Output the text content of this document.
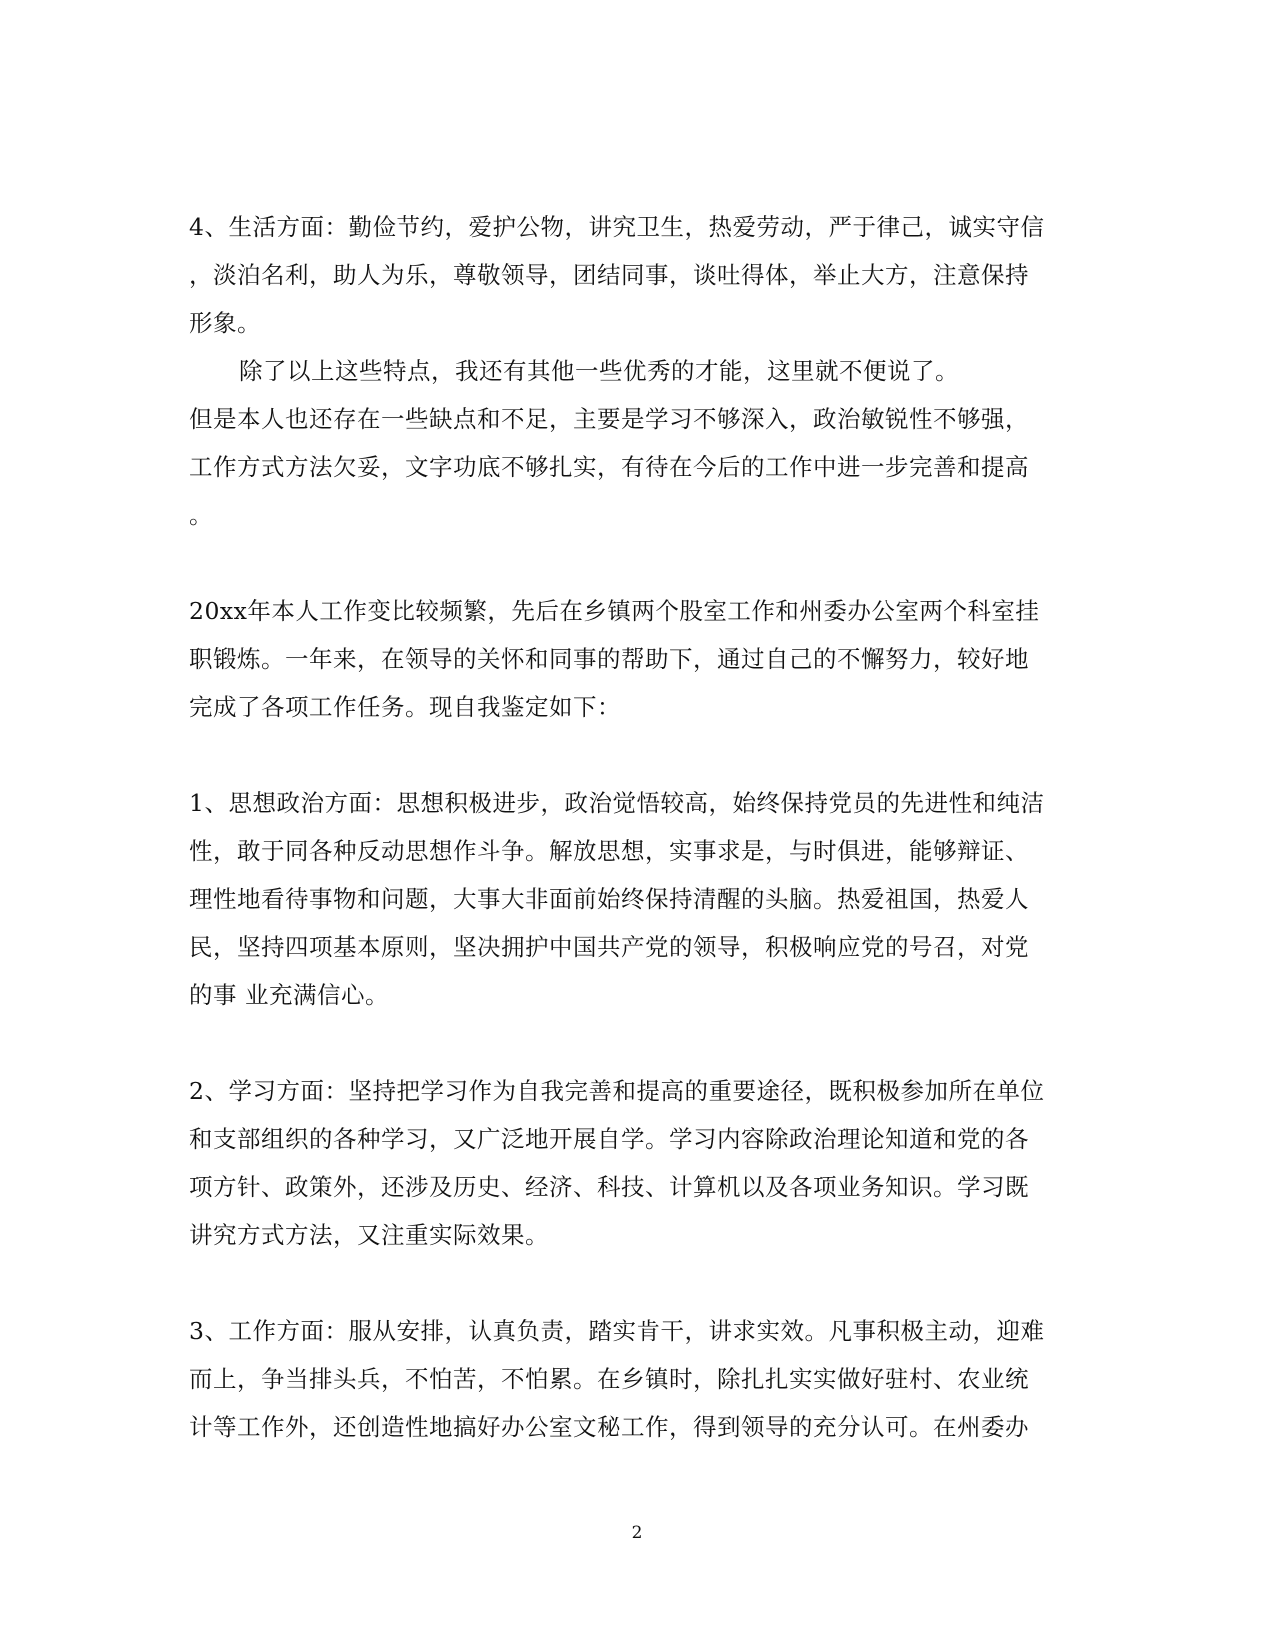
4、生活方面：勤俭节约，爱护公物，讲究卫生，热爱劳动，严于律己，诚实守信
，淡泊名利，助人为乐，尊敬领导，团结同事，谈吐得体，举止大方，注意保持
形象。
除了以上这些特点，我还有其他一些优秀的才能，这里就不便说了。
但是本人也还存在一些缺点和不足，主要是学习不够深入，政治敏锐性不够强，
工作方式方法欠妥，文字功底不够扎实，有待在今后的工作中进一步完善和提高
。
20xx年本人工作变比较频繁，先后在乡镇两个股室工作和州委办公室两个科室挂
职锻炼。一年来，在领导的关怀和同事的帮助下，通过自己的不懈努力，较好地
完成了各项工作任务。现自我鉴定如下：
1、思想政治方面：思想积极进步，政治觉悟较高，始终保持党员的先进性和纯洁
性，敢于同各种反动思想作斗争。解放思想，实事求是，与时俱进，能够辩证、
理性地看待事物和问题，大事大非面前始终保持清醒的头脑。热爱祖国，热爱人
民，坚持四项基本原则，坚决拥护中国共产党的领导，积极响应党的号召，对党
的事 业充满信心。
2、学习方面：坚持把学习作为自我完善和提高的重要途径，既积极参加所在单位
和支部组织的各种学习，又广泛地开展自学。学习内容除政治理论知道和党的各
项方针、政策外，还涉及历史、经济、科技、计算机以及各项业务知识。学习既
讲究方式方法，又注重实际效果。
3、工作方面：服从安排，认真负责，踏实肯干，讲求实效。凡事积极主动，迎难
而上，争当排头兵，不怕苦，不怕累。在乡镇时，除扎扎实实做好驻村、农业统
计等工作外，还创造性地搞好办公室文秘工作，得到领导的充分认可。在州委办
2
